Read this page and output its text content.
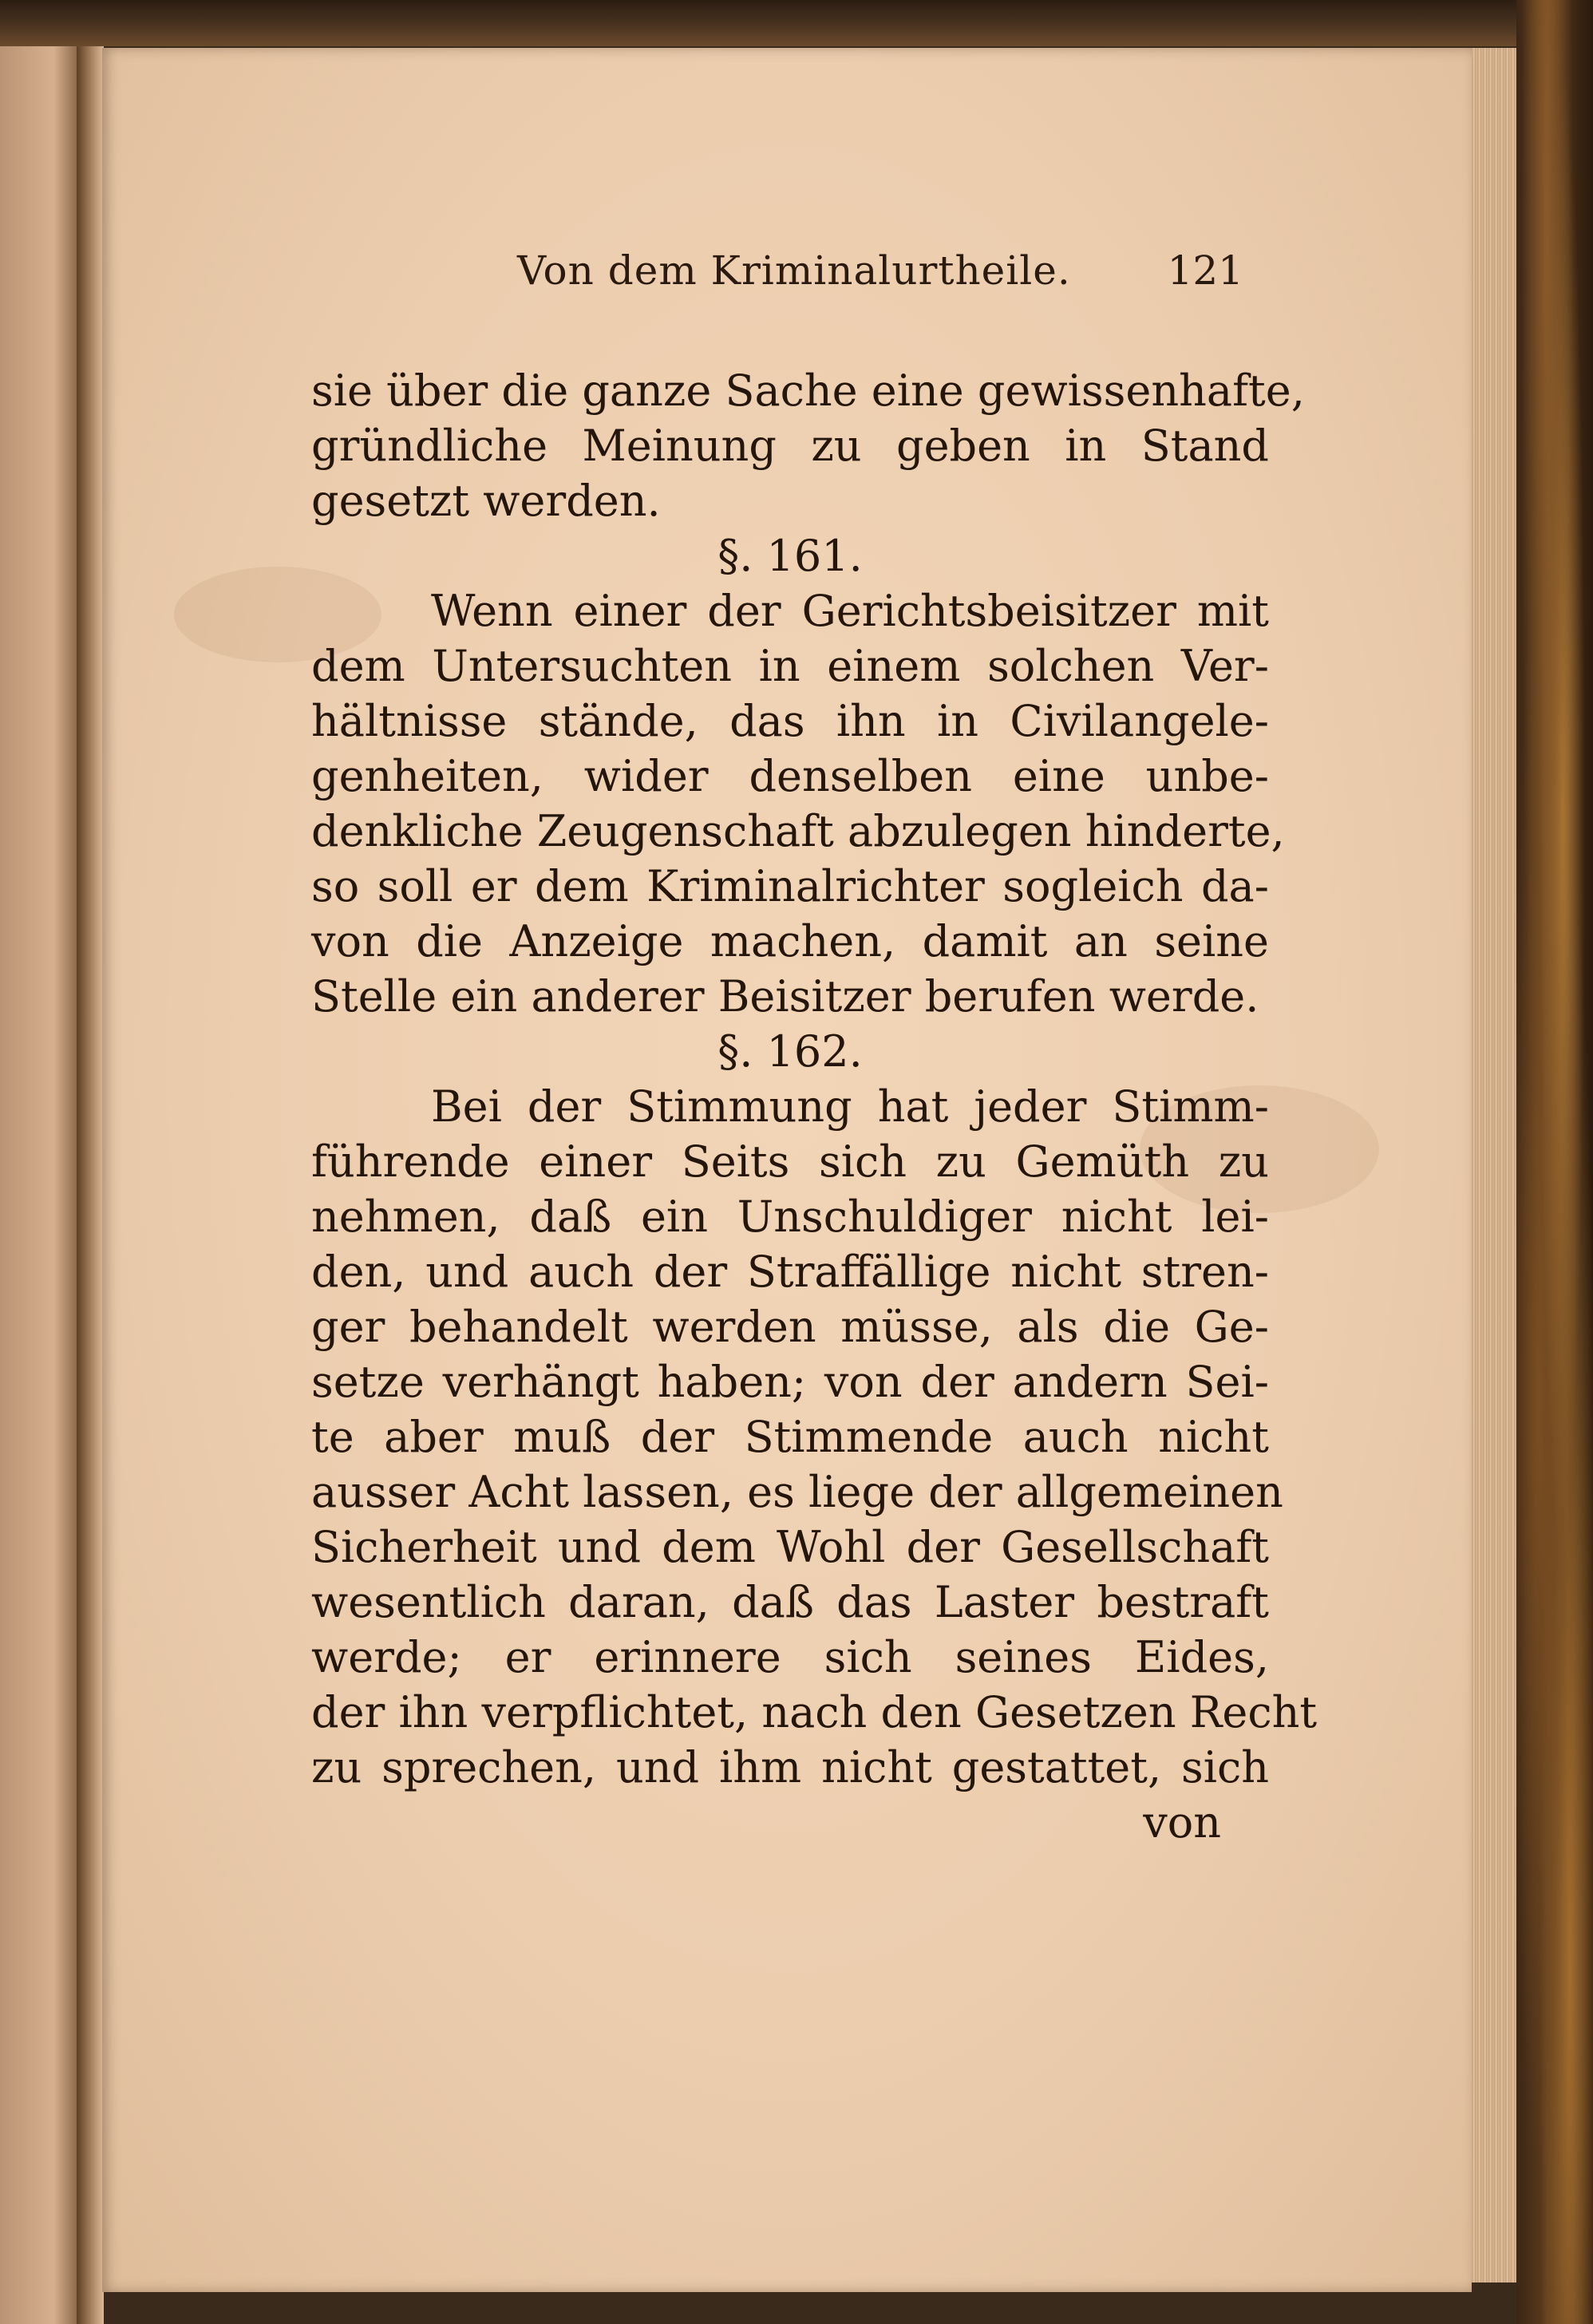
Von dem Kriminalurtheile. 121
sie über die ganze Sache eine gewissenhafte,
gründliche Meinung zu geben in Stand
gesetzt werden.
§. 161.
Wenn einer der Gerichtsbeisitzer mit
dem Untersuchten in einem solchen Ver-
hältnisse stände, das ihn in Civilangele-
genheiten, wider denselben eine unbe-
denkliche Zeugenschaft abzulegen hinderte,
so soll er dem Kriminalrichter sogleich da-
von die Anzeige machen, damit an seine
Stelle ein anderer Beisitzer berufen werde.
§. 162.
Bei der Stimmung hat jeder Stimm-
führende einer Seits sich zu Gemüth zu
nehmen, daß ein Unschuldiger nicht lei-
den, und auch der Straffällige nicht stren-
ger behandelt werden müsse, als die Ge-
setze verhängt haben; von der andern Sei-
te aber muß der Stimmende auch nicht
ausser Acht lassen, es liege der allgemeinen
Sicherheit und dem Wohl der Gesellschaft
wesentlich daran, daß das Laster bestraft
werde; er erinnere sich seines Eides,
der ihn verpflichtet, nach den Gesetzen Recht
zu sprechen, und ihm nicht gestattet, sich
von
